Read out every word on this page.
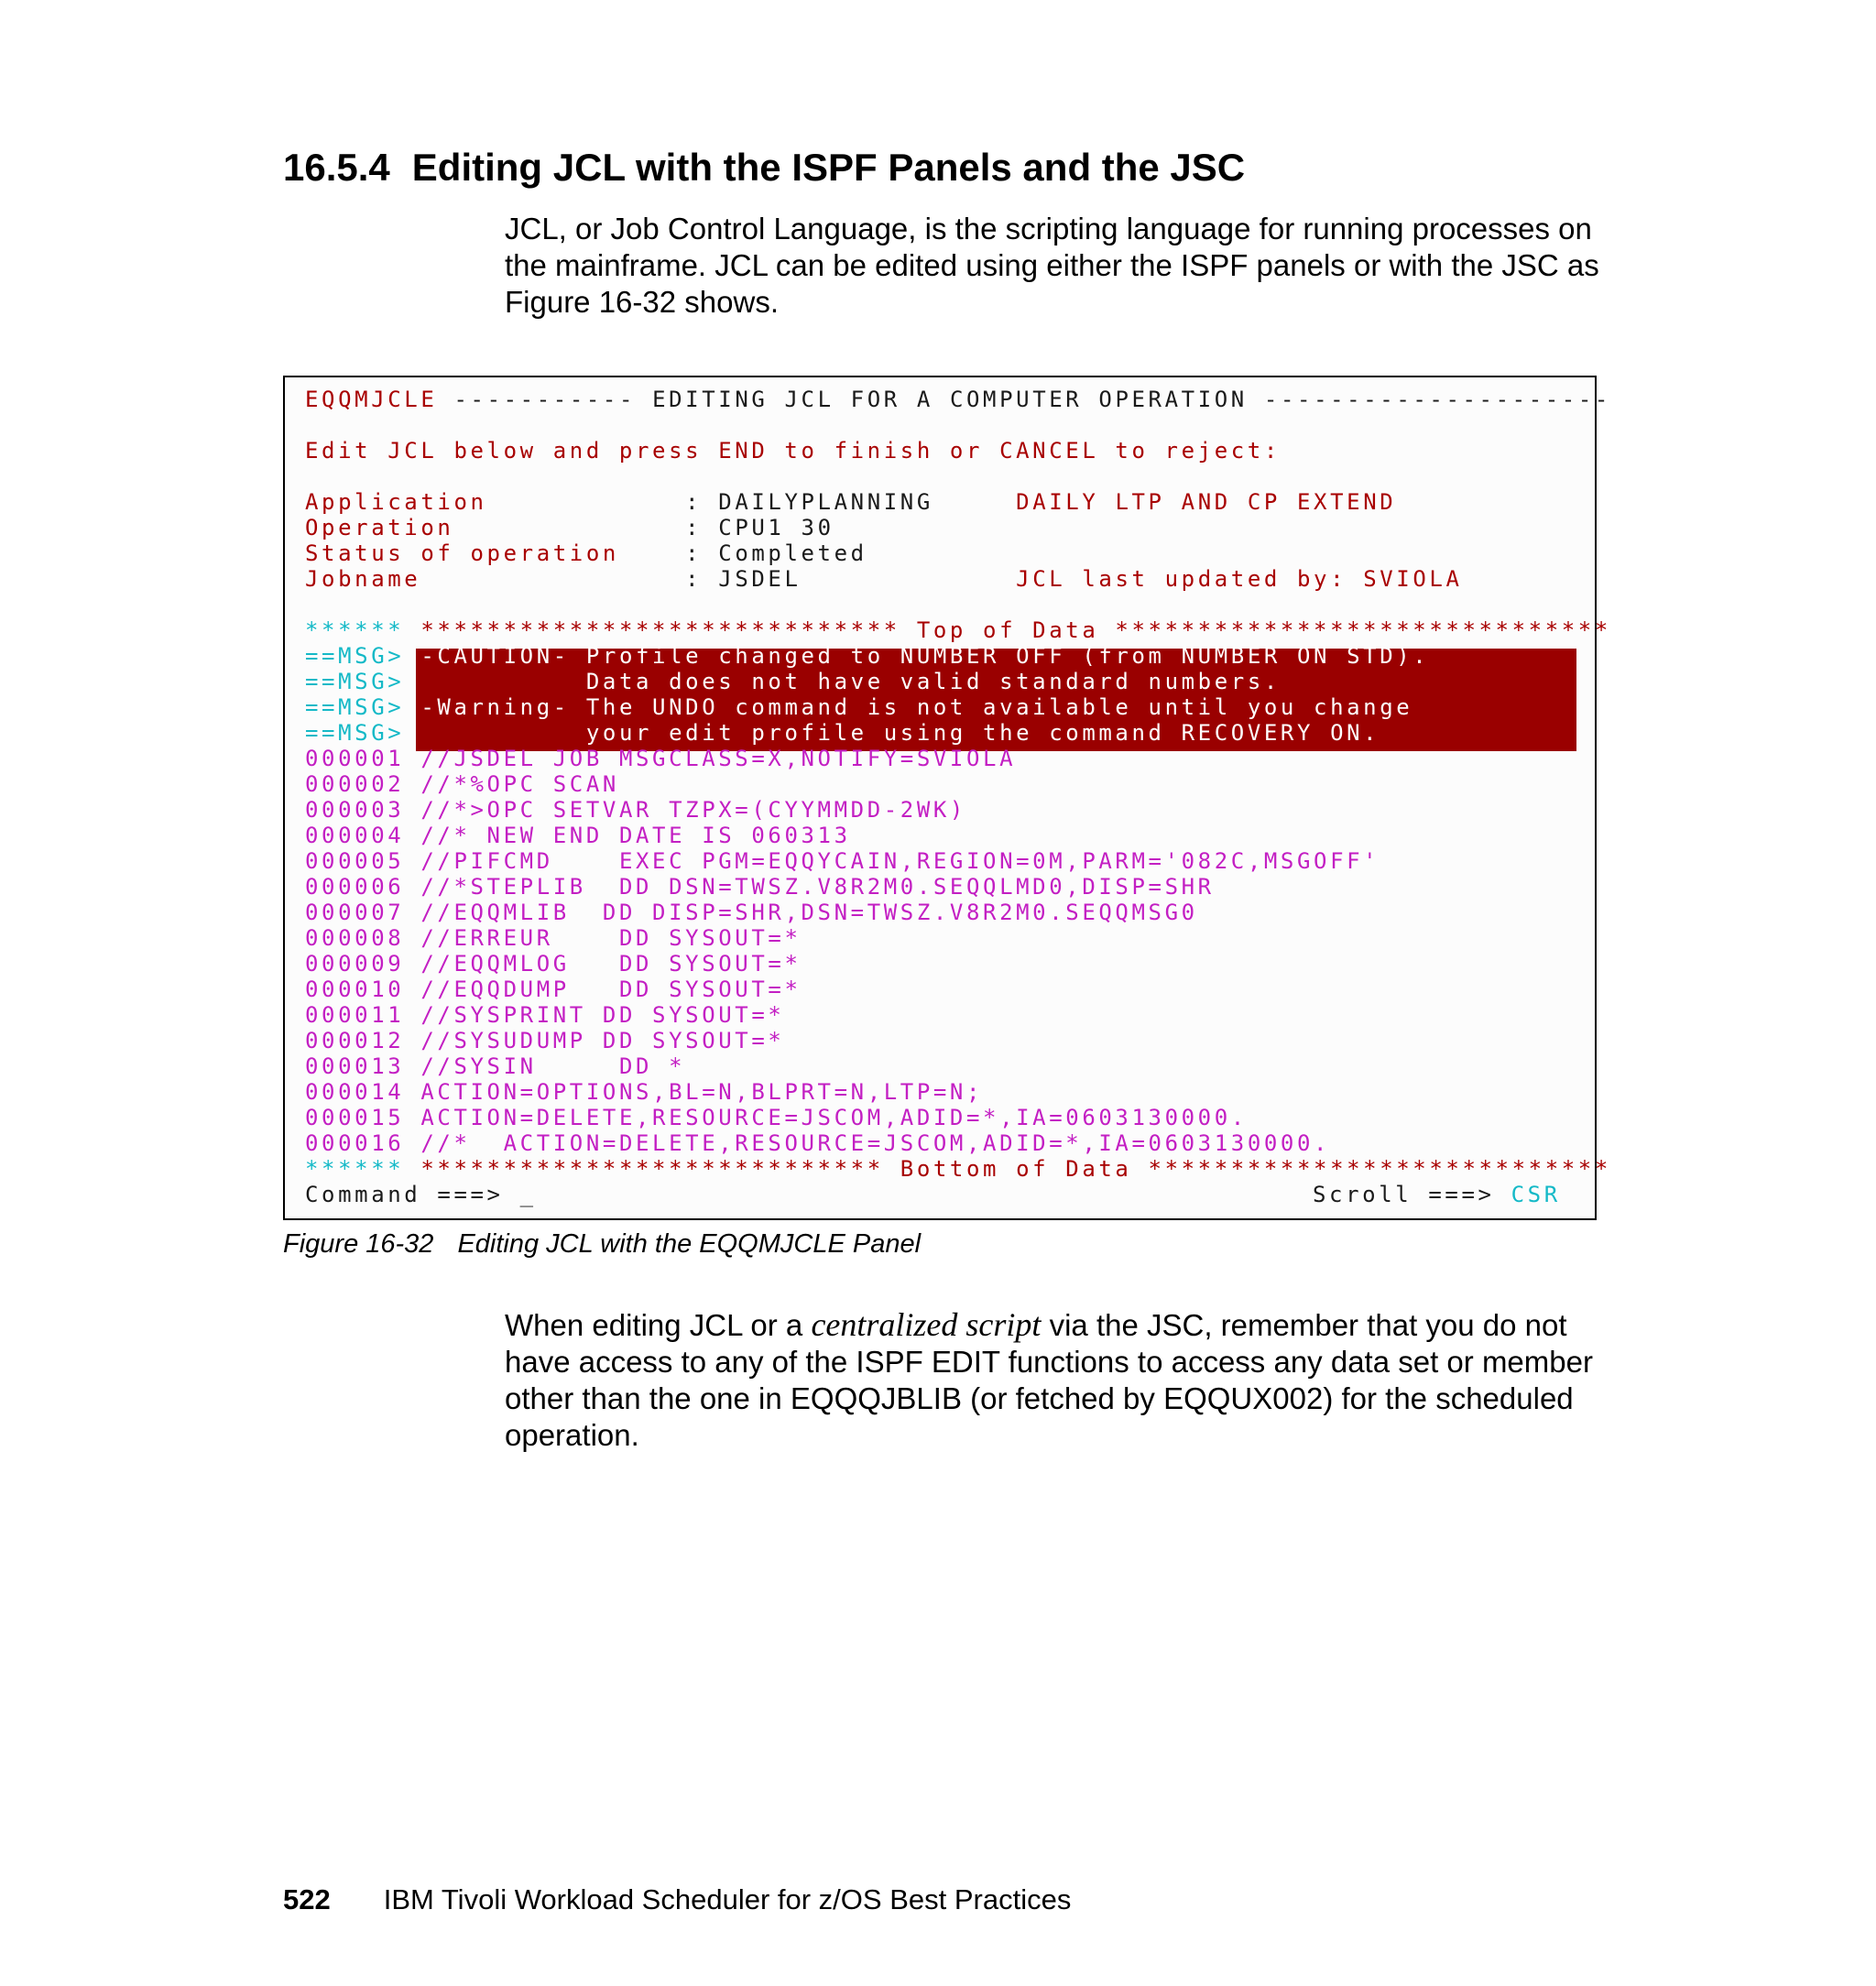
16.5.4 Editing JCL with the ISPF Panels and the JSC

JCL, or Job Control Language, is the scripting language for running processes on the mainframe. JCL can be edited using either the ISPF panels or with the JSC as Figure 16-32 shows.

EQQMJCLE ----------- EDITING JCL FOR A COMPUTER OPERATION ---------------------
Edit JCL below and press END to finish or CANCEL to reject:
Application	: DAILYPLANNING	DAILY LTP AND CP EXTEND
Operation	: CPU1 30
Status of operation	: Completed
Jobname	: JSDEL	JCL last updated by: SVIOLA
****** ***************************** Top of Data ******************************
==MSG> -CAUTION- Profile changed to NUMBER OFF (from NUMBER ON STD).
==MSG>           Data does not have valid standard numbers.
==MSG> -Warning- The UNDO command is not available until you change
==MSG>           your edit profile using the command RECOVERY ON.
000001 //JSDEL JOB MSGCLASS=X,NOTIFY=SVIOLA
000002 //*%OPC SCAN
000003 //*>OPC SETVAR TZPX=(CYYMMDD-2WK)
000004 //* NEW END DATE IS 060313
000005 //PIFCMD    EXEC PGM=EQQYCAIN,REGION=0M,PARM='082C,MSGOFF'
000006 //*STEPLIB  DD DSN=TWSZ.V8R2M0.SEQQLMD0,DISP=SHR
000007 //EQQMLIB  DD DISP=SHR,DSN=TWSZ.V8R2M0.SEQQMSG0
000008 //ERREUR    DD SYSOUT=*
000009 //EQQMLOG   DD SYSOUT=*
000010 //EQQDUMP   DD SYSOUT=*
000011 //SYSPRINT DD SYSOUT=*
000012 //SYSUDUMP DD SYSOUT=*
000013 //SYSIN     DD *
000014 ACTION=OPTIONS,BL=N,BLPRT=N,LTP=N;
000015 ACTION=DELETE,RESOURCE=JSCOM,ADID=*,IA=0603130000.
000016 //*  ACTION=DELETE,RESOURCE=JSCOM,ADID=*,IA=0603130000.
****** **************************** Bottom of Data ****************************
Command ===> _	Scroll ===> CSR

Figure 16-32 Editing JCL with the EQQMJCLE Panel

When editing JCL or a centralized script via the JSC, remember that you do not have access to any of the ISPF EDIT functions to access any data set or member other than the one in EQQQJBLIB (or fetched by EQQUX002) for the scheduled operation.

522 IBM Tivoli Workload Scheduler for z/OS Best Practices
